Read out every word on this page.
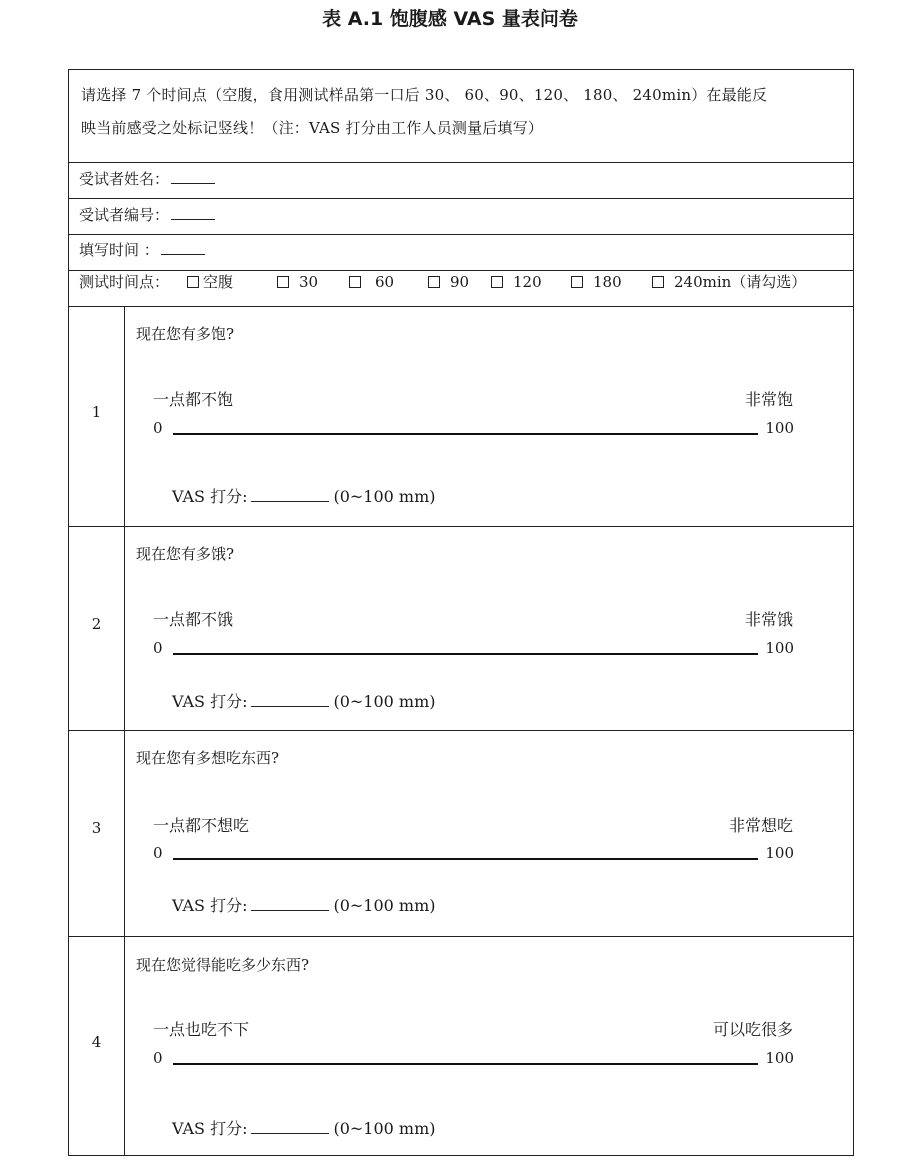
表 A.1 饱腹感 VAS 量表问卷
请选择 7 个时间点（空腹，食用测试样品第一口后 30、 60、90、120、 180、 240min）在最能反
映当前感受之处标记竖线！（注：VAS 打分由工作人员测量后填写）
受试者姓名：
受试者编号：
填写时间 ：
测试时间点：	空腹	30	60	90	120	180	240min（请勾选）
1
现在您有多饱?
一点都不饱	非常饱
0	100
VAS 打分:	(0~100 mm)
2
现在您有多饿?
一点都不饿	非常饿
0	100
VAS 打分:	(0~100 mm)
3
现在您有多想吃东西?
一点都不想吃	非常想吃
0	100
VAS 打分:	(0~100 mm)
4
现在您觉得能吃多少东西?
一点也吃不下	可以吃很多
0	100
VAS 打分:	(0~100 mm)
